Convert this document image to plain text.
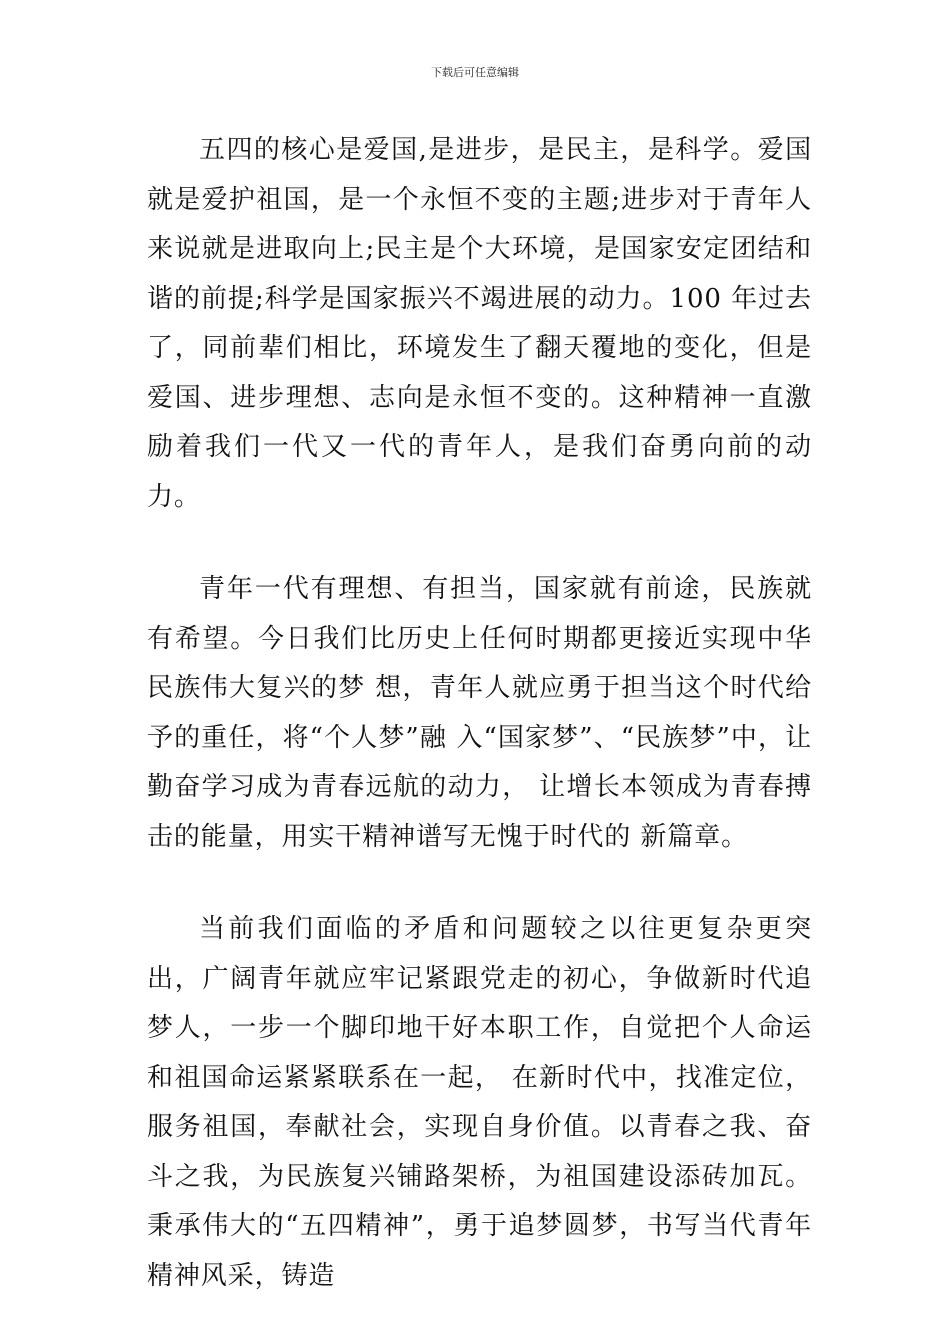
下载后可任意编辑

五四的核心是爱国,是进步，是民主，是科学。爱国就是爱护祖国，是一个永恒不变的主题;进步对于青年人来说就是进取向上;民主是个大环境，是国家安定团结和谐的前提;科学是国家振兴不竭进展的动力。100 年过去了，同前辈们相比，环境发生了翻天覆地的变化，但是爱国、进步理想、志向是永恒不变的。这种精神一直激励着我们一代又一代的青年人，是我们奋勇向前的动力。

青年一代有理想、有担当，国家就有前途，民族就有希望。今日我们比历史上任何时期都更接近实现中华民族伟大复兴的梦 想，青年人就应勇于担当这个时代给予的重任，将“个人梦”融 入“国家梦”、“民族梦”中，让勤奋学习成为青春远航的动力， 让增长本领成为青春搏击的能量，用实干精神谱写无愧于时代的 新篇章。

当前我们面临的矛盾和问题较之以往更复杂更突出，广阔青年就应牢记紧跟党走的初心，争做新时代追梦人，一步一个脚印地干好本职工作，自觉把个人命运和祖国命运紧紧联系在一起， 在新时代中，找准定位，服务祖国，奉献社会，实现自身价值。以青春之我、奋斗之我，为民族复兴铺路架桥，为祖国建设添砖加瓦。秉承伟大的“五四精神”，勇于追梦圆梦，书写当代青年精神风采，铸造
